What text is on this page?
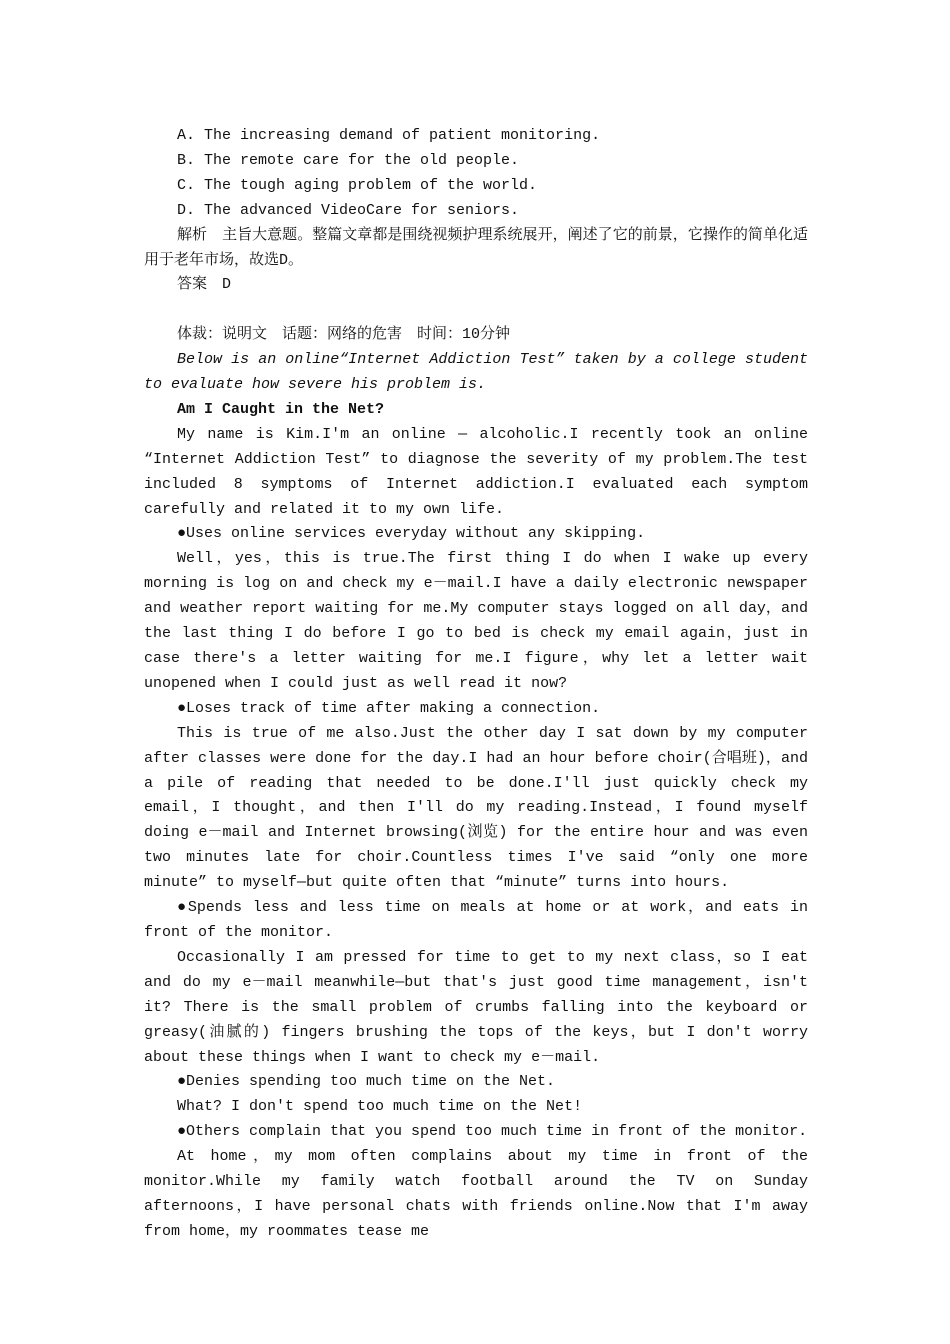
A. The increasing demand of patient monitoring.

B. The remote care for the old people.

C. The tough aging problem of the world.

D. The advanced VideoCare for seniors.

解析　主旨大意题。整篇文章都是围绕视频护理系统展开，阐述了它的前景，它操作的简单化适用于老年市场，故选D。

答案　D

体裁：说明文　话题：网络的危害　时间：10分钟

Below is an online“Internet Addiction Test” taken by a college student to evaluate how severe his problem is.

Am I Caught in the Net?

My name is Kim.I'm an online — alcoholic.I recently took an online “Internet Addiction Test” to diagnose the severity of my problem.The test included 8 symptoms of Internet addiction.I evaluated each symptom carefully and related it to my own life.

●Uses online services everyday without any skipping.

Well，yes，this is true.The first thing I do when I wake up every morning is log on and check my e－mail.I have a daily electronic newspaper and weather report waiting for me.My computer stays logged on all day，and the last thing I do before I go to bed is check my email again，just in case there's a letter waiting for me.I figure，why let a letter wait unopened when I could just as well read it now?

●Loses track of time after making a connection.

This is true of me also.Just the other day I sat down by my computer after classes were done for the day.I had an hour before choir(合唱班)，and a pile of reading that needed to be done.I'll just quickly check my email，I thought，and then I'll do my reading.Instead，I found myself doing e－mail and Internet browsing(浏览) for the entire hour and was even two minutes late for choir.Countless times I've said “only one more minute” to myself—but quite often that “minute” turns into hours.

●Spends less and less time on meals at home or at work，and eats in front of the monitor.

Occasionally I am pressed for time to get to my next class，so I eat and do my e－mail meanwhile—but that's just good time management，isn't it? There is the small problem of crumbs falling into the keyboard or greasy(油腻的) fingers brushing the tops of the keys，but I don't worry about these things when I want to check my e－mail.

●Denies spending too much time on the Net.

What? I don't spend too much time on the Net!

●Others complain that you spend too much time in front of the monitor.

At home，my mom often complains about my time in front of the monitor.While my family watch football around the TV on Sunday afternoons，I have personal chats with friends online.Now that I'm away from home，my roommates tease me
